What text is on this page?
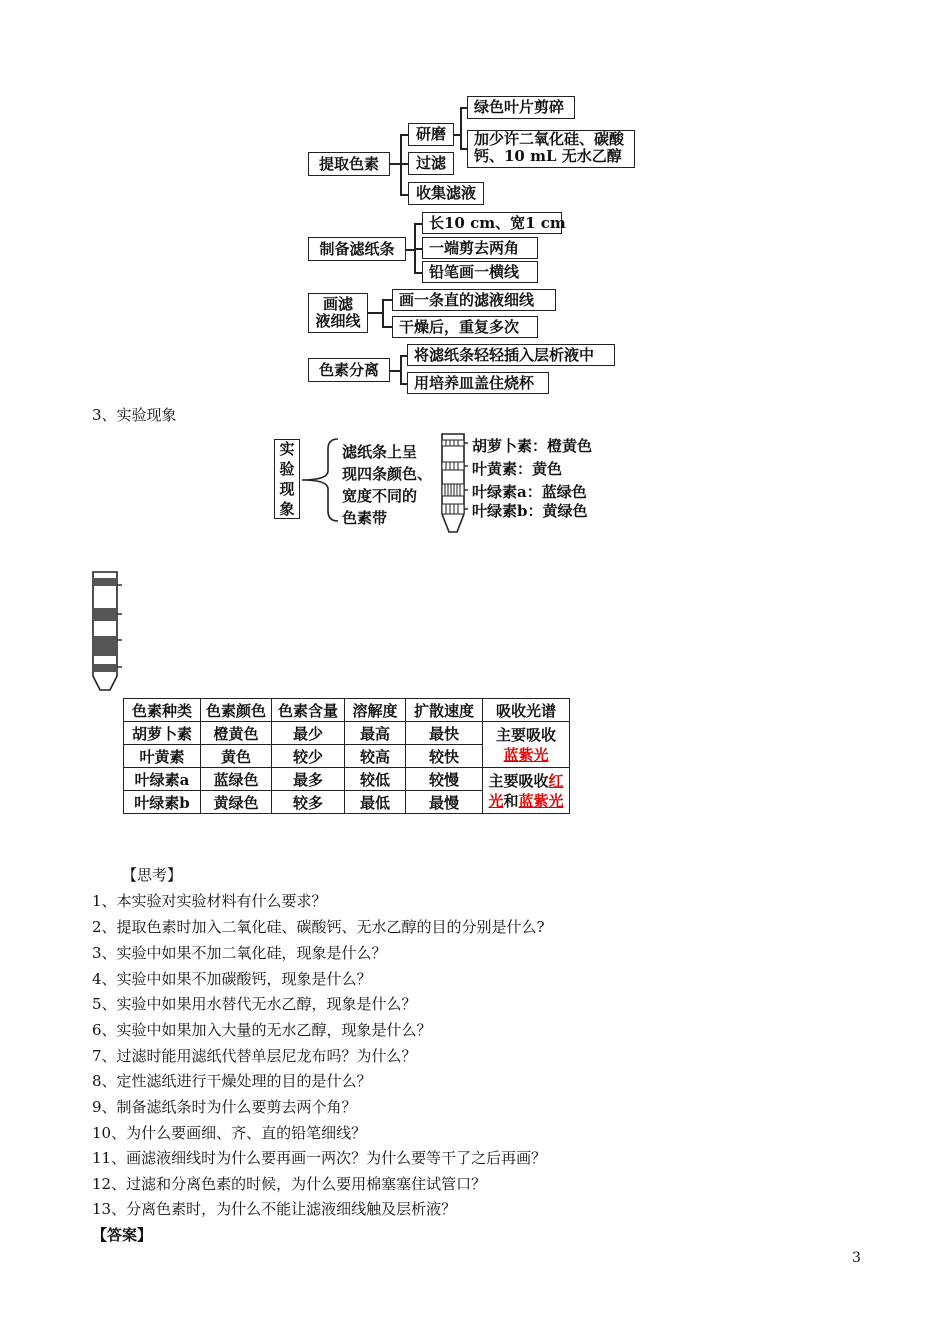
提取色素
研磨
过滤
收集滤液
绿色叶片剪碎
加少许二氧化硅、碳酸
钙、10 mL 无水乙醇
制备滤纸条
长10 cm、宽1 cm
一端剪去两角
铅笔画一横线
画滤
液细线
画一条直的滤液细线
干燥后，重复多次
色素分离
将滤纸条轻轻插入层析液中
用培养皿盖住烧杯
3、实验现象
实
验
现
象
滤纸条上呈
现四条颜色、
宽度不同的
色素带
胡萝卜素：橙黄色
叶黄素：黄色
叶绿素a：蓝绿色
叶绿素b：黄绿色
色素种类	色素颜色	色素含量	溶解度	扩散速度	吸收光谱
胡萝卜素	橙黄色	最少	最高	最快	主要吸收
蓝紫光
叶黄素	黄色	较少	较高	较快	
叶绿素a	蓝绿色	最多	较低	较慢	主要吸收红
光和蓝紫光
叶绿素b	黄绿色	较多	最低	最慢	
【思考】
1、本实验对实验材料有什么要求？
2、提取色素时加入二氧化硅、碳酸钙、无水乙醇的目的分别是什么?
3、实验中如果不加二氧化硅，现象是什么？
4、实验中如果不加碳酸钙，现象是什么？
5、实验中如果用水替代无水乙醇，现象是什么？
6、实验中如果加入大量的无水乙醇，现象是什么？
7、过滤时能用滤纸代替单层尼龙布吗？为什么？
8、定性滤纸进行干燥处理的目的是什么？
9、制备滤纸条时为什么要剪去两个角？
10、为什么要画细、齐、直的铅笔细线？
11、画滤液细线时为什么要再画一两次？为什么要等干了之后再画？
12、过滤和分离色素的时候，为什么要用棉塞塞住试管口？
13、分离色素时，为什么不能让滤液细线触及层析液？
【答案】
3
